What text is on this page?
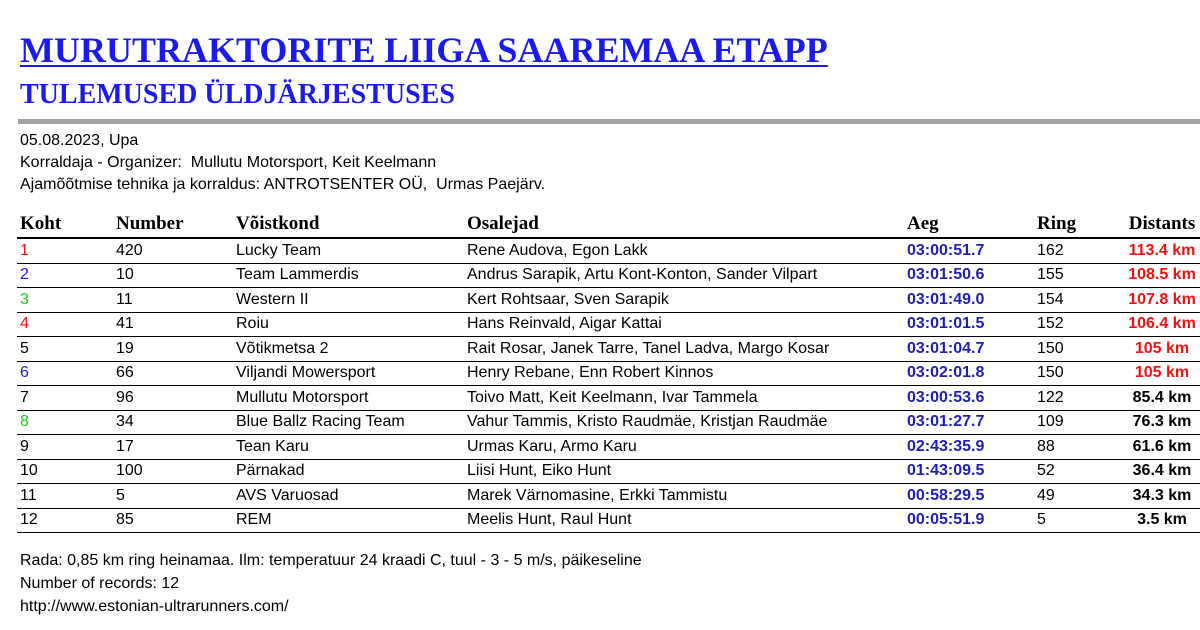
MURUTRAKTORITE LIIGA SAAREMAA ETAPP
TULEMUSED ÜLDJÄRJESTUSES
05.08.2023, Upa
Korraldaja - Organizer:  Mullutu Motorsport, Keit Keelmann
Ajamõõtmise tehnika ja korraldus: ANTROTSENTER OÜ,  Urmas Paejärv.
Koht	Number	Võistkond	Osalejad	Aeg	Ring	Distants
1	420	Lucky Team	Rene Audova, Egon Lakk	03:00:51.7	162	113.4 km
2	10	Team Lammerdis	Andrus Sarapik, Artu Kont-Konton, Sander Vilpart	03:01:50.6	155	108.5 km
3	11	Western II	Kert Rohtsaar, Sven Sarapik	03:01:49.0	154	107.8 km
4	41	Roiu	Hans Reinvald, Aigar Kattai	03:01:01.5	152	106.4 km
5	19	Võtikmetsa 2	Rait Rosar, Janek Tarre, Tanel Ladva, Margo Kosar	03:01:04.7	150	105 km
6	66	Viljandi Mowersport	Henry Rebane, Enn Robert Kinnos	03:02:01.8	150	105 km
7	96	Mullutu Motorsport	Toivo Matt, Keit Keelmann, Ivar Tammela	03:00:53.6	122	85.4 km
8	34	Blue Ballz Racing Team	Vahur Tammis, Kristo Raudmäe, Kristjan Raudmäe	03:01:27.7	109	76.3 km
9	17	Tean Karu	Urmas Karu, Armo Karu	02:43:35.9	88	61.6 km
10	100	Pärnakad	Liisi Hunt, Eiko Hunt	01:43:09.5	52	36.4 km
11	5	AVS Varuosad	Marek Värnomasine, Erkki Tammistu	00:58:29.5	49	34.3 km
12	85	REM	Meelis Hunt, Raul Hunt	00:05:51.9	5	3.5 km
Rada: 0,85 km ring heinamaa. Ilm: temperatuur 24 kraadi C, tuul - 3 - 5 m/s, päikeseline
Number of records: 12
http://www.estonian-ultrarunners.com/
